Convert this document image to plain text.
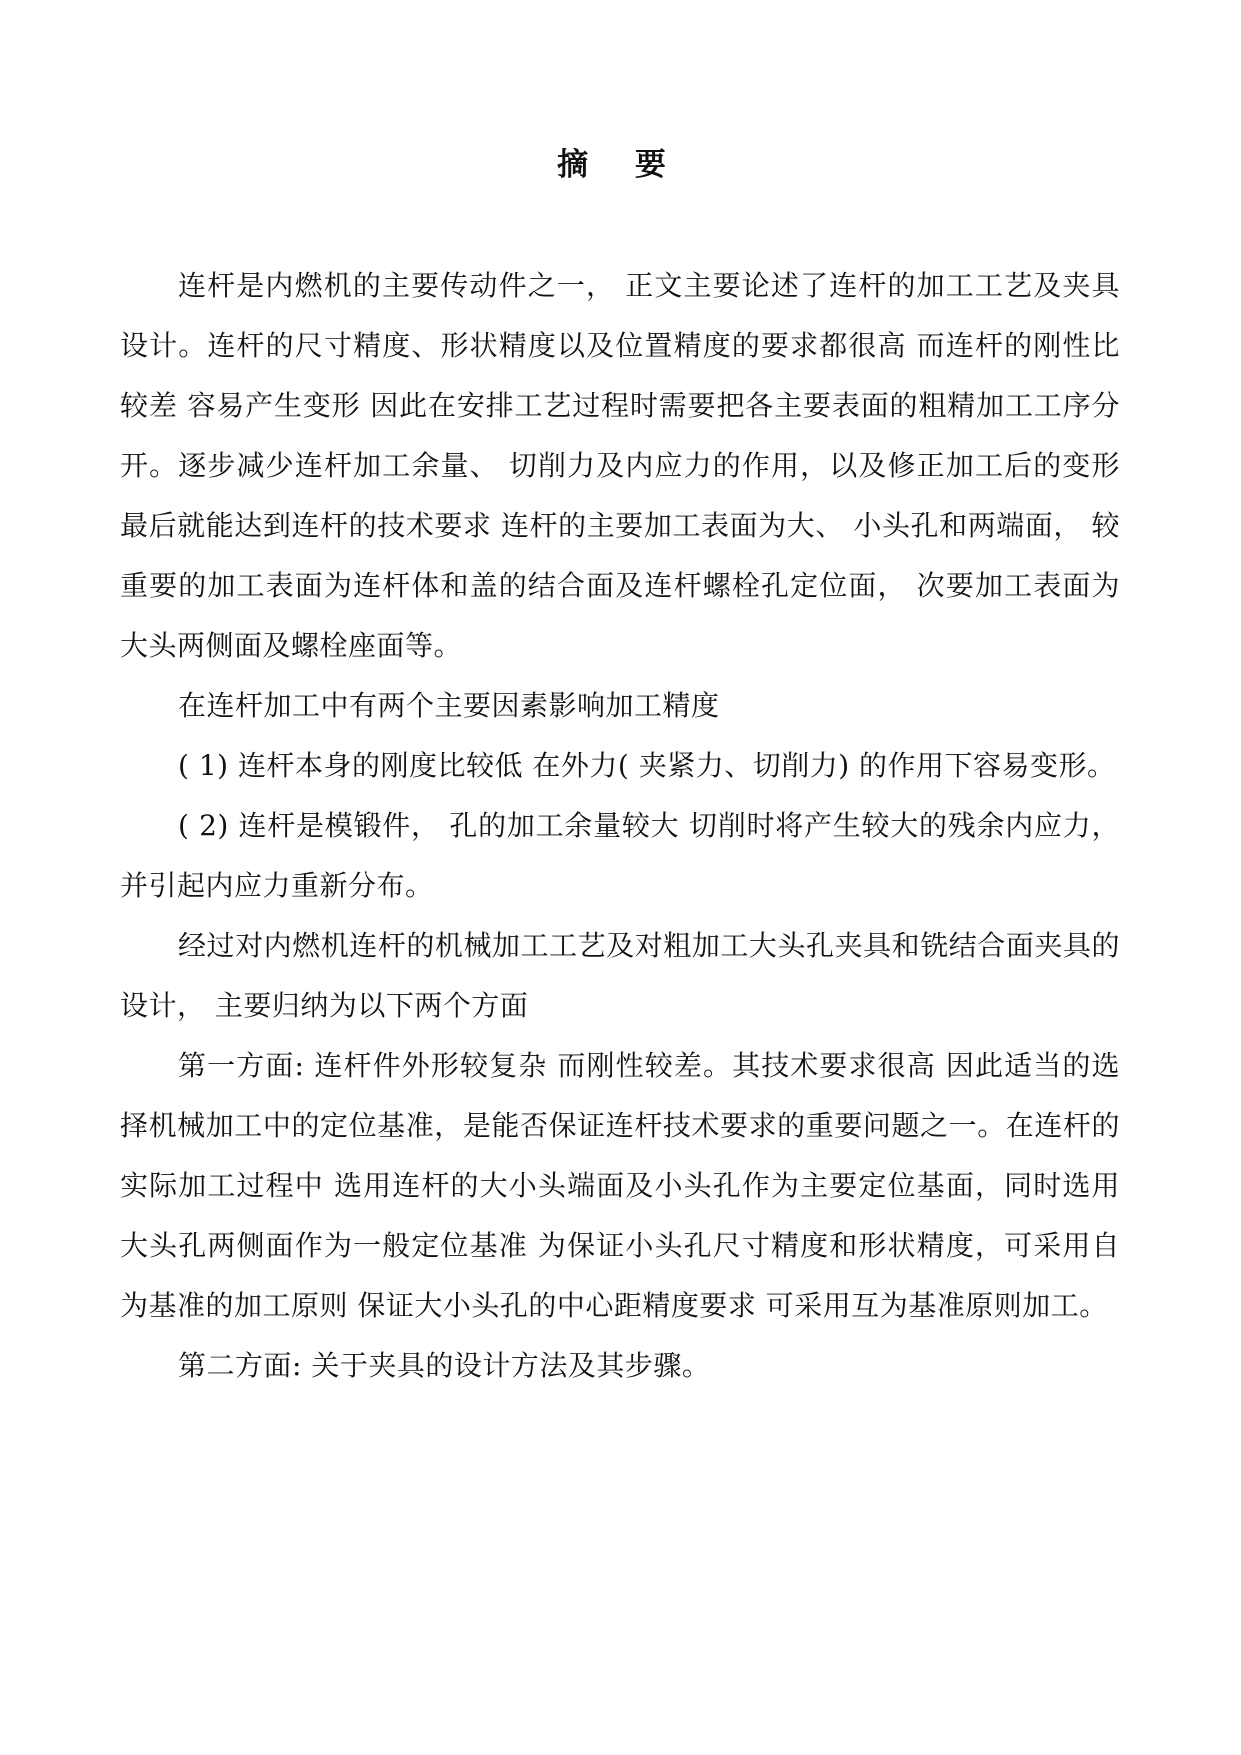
摘 要

连杆是内燃机的主要传动件之一， 正文主要论述了连杆的加工工艺及夹具设计。连杆的尺寸精度、形状精度以及位置精度的要求都很高 而连杆的刚性比较差 容易产生变形 因此在安排工艺过程时需要把各主要表面的粗精加工工序分开。逐步减少连杆加工余量、 切削力及内应力的作用，以及修正加工后的变形 最后就能达到连杆的技术要求 连杆的主要加工表面为大、 小头孔和两端面， 较重要的加工表面为连杆体和盖的结合面及连杆螺栓孔定位面， 次要加工表面为大头两侧面及螺栓座面等。

在连杆加工中有两个主要因素影响加工精度

( 1) 连杆本身的刚度比较低 在外力( 夹紧力、切削力) 的作用下容易变形。

( 2) 连杆是模锻件， 孔的加工余量较大 切削时将产生较大的残余内应力， 并引起内应力重新分布。

经过对内燃机连杆的机械加工工艺及对粗加工大头孔夹具和铣结合面夹具的设计， 主要归纳为以下两个方面

第一方面: 连杆件外形较复杂 而刚性较差。其技术要求很高 因此适当的选择机械加工中的定位基准，是能否保证连杆技术要求的重要问题之一。在连杆的实际加工过程中 选用连杆的大小头端面及小头孔作为主要定位基面，同时选用大头孔两侧面作为一般定位基准 为保证小头孔尺寸精度和形状精度，可采用自为基准的加工原则 保证大小头孔的中心距精度要求 可采用互为基准原则加工。

第二方面: 关于夹具的设计方法及其步骤。
